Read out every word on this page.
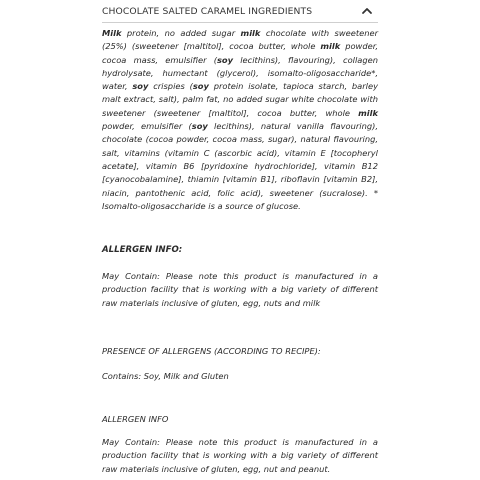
CHOCOLATE SALTED CARAMEL INGREDIENTS
Milk protein, no added sugar milk chocolate with sweetener (25%) (sweetener [maltitol], cocoa butter, whole milk powder, cocoa mass, emulsifier (soy lecithins), flavouring), collagen hydrolysate, humectant (glycerol), isomalto-oligosaccharide*, water, soy crispies (soy protein isolate, tapioca starch, barley malt extract, salt), palm fat, no added sugar white chocolate with sweetener (sweetener [maltitol], cocoa butter, whole milk powder, emulsifier (soy lecithins), natural vanilla flavouring), chocolate (cocoa powder, cocoa mass, sugar), natural flavouring, salt, vitamins (vitamin C (ascorbic acid), vitamin E [tocopheryl acetate], vitamin B6 [pyridoxine hydrochloride], vitamin B12 [cyanocobalamine], thiamin [vitamin B1], riboflavin [vitamin B2], niacin, pantothenic acid, folic acid), sweetener (sucralose). * Isomalto-oligosaccharide is a source of glucose.
ALLERGEN INFO:
May Contain: Please note this product is manufactured in a production facility that is working with a big variety of different raw materials inclusive of gluten, egg, nuts and milk
PRESENCE OF ALLERGENS (ACCORDING TO RECIPE):
Contains: Soy, Milk and Gluten
ALLERGEN INFO
May Contain: Please note this product is manufactured in a production facility that is working with a big variety of different raw materials inclusive of gluten, egg, nut and peanut.
